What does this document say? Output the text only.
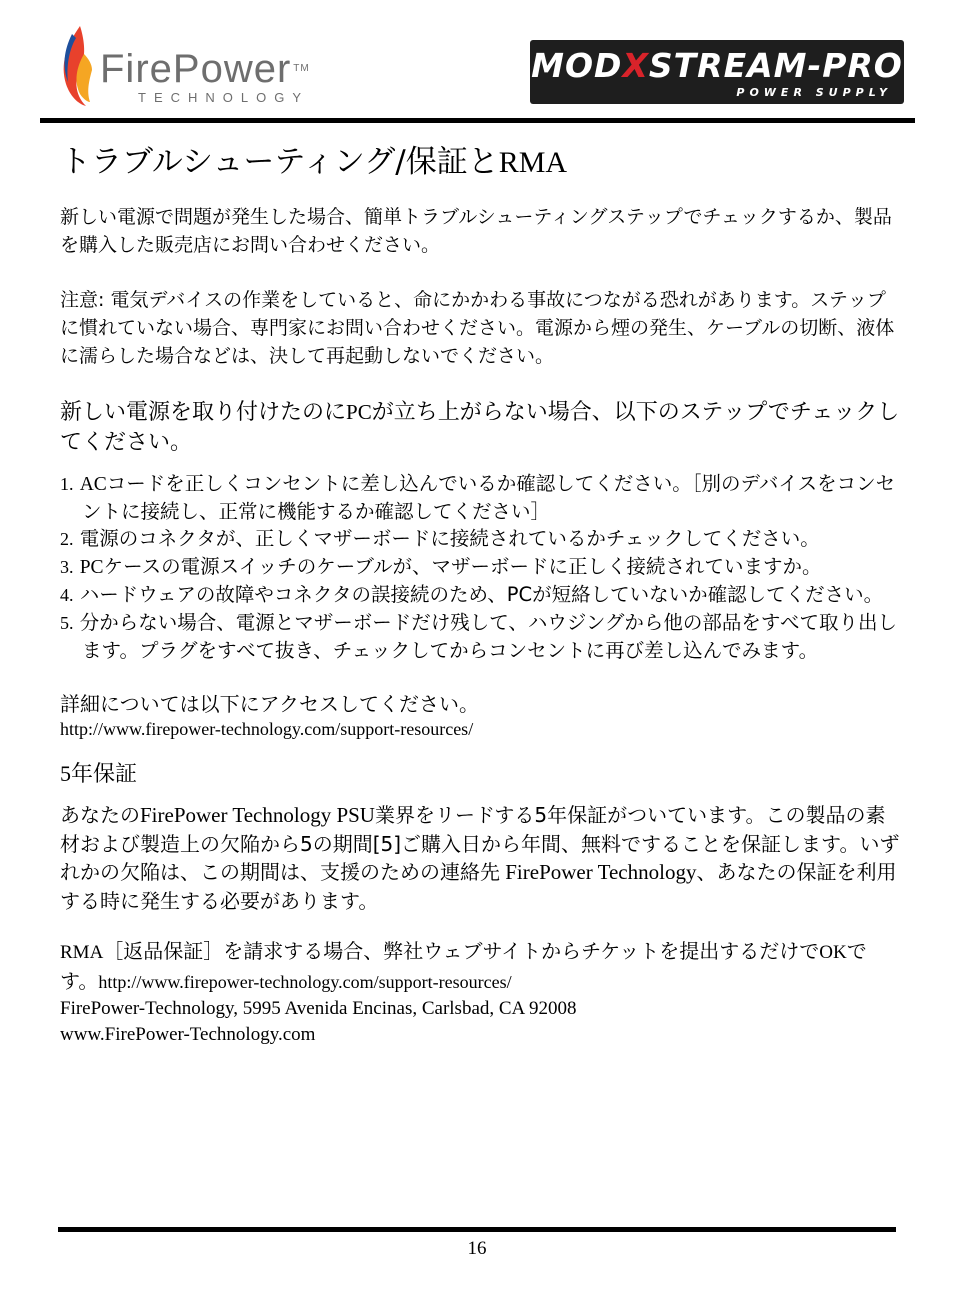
FirePower ™
TECHNOLOGY
MODXSTREAM-PRO
POWER SUPPLY
トラブルシューティング/保証とRMA

新しい電源で問題が発生した場合、簡単トラブルシューティングステップでチェックするか、製品を購入した販売店にお問い合わせください。

注意: 電気デバイスの作業をしていると、命にかかわる事故につながる恐れがあります。ステップに慣れていない場合、専門家にお問い合わせください。電源から煙の発生、ケーブルの切断、液体に濡らした場合などは、決して再起動しないでください。

新しい電源を取り付けたのにPCが立ち上がらない場合、以下のステップでチェックしてください。
1. ACコードを正しくコンセントに差し込んでいるか確認してください。［別のデバイスをコンセントに接続し、正常に機能するか確認してください］
2. 電源のコネクタが、正しくマザーボードに接続されているかチェックしてください。
3. PCケースの電源スイッチのケーブルが、マザーボードに正しく接続されていますか。
4. ハードウェアの故障やコネクタの誤接続のため、PCが短絡していないか確認してください。
5. 分からない場合、電源とマザーボードだけ残して、ハウジングから他の部品をすべて取り出します。プラグをすべて抜き、チェックしてからコンセントに再び差し込んでみます。

詳細については以下にアクセスしてください。

http://www.firepower-technology.com/support-resources/

5年保証

あなたのFirePower Technology PSU業界をリードする5年保証がついています。この製品の素材および製造上の欠陥から5の期間[5]ご購入日から年間、無料ですることを保証します。いずれかの欠陥は、この期間は、支援のための連絡先 FirePower Technology、あなたの保証を利用する時に発生する必要があります。

RMA［返品保証］を請求する場合、弊社ウェブサイトからチケットを提出するだけでOKです。http://www.firepower-technology.com/support-resources/

FirePower-Technology, 5995 Avenida Encinas, Carlsbad, CA 92008

www.FirePower-Technology.com

16
